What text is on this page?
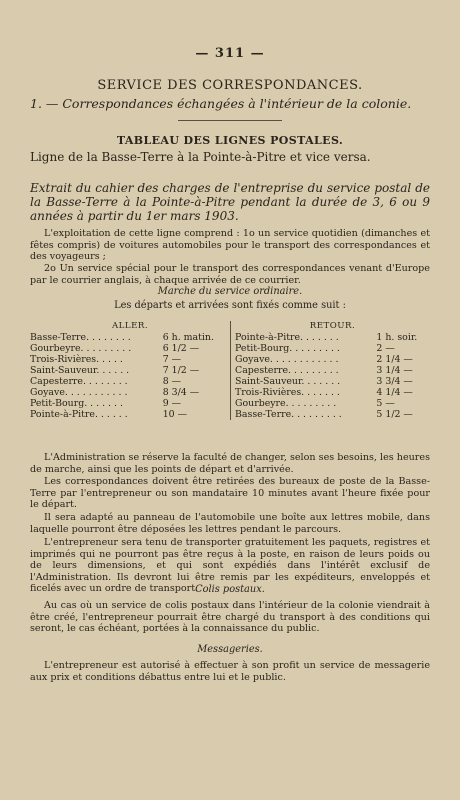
— 311 —
SERVICE DES CORRESPONDANCES.
1. — Correspondances échangées à l'intérieur de la colonie.
TABLEAU DES LIGNES POSTALES.
Ligne de la Basse-Terre à la Pointe-à-Pitre et vice versa.
Extrait du cahier des charges de l'entreprise du service postal de la Basse-Terre à la Pointe-à-Pitre pendant la durée de 3, 6 ou 9 années à partir du 1er mars 1903.
L'exploitation de cette ligne comprend : 1o un service quotidien (dimanches et fêtes compris) de voitures automobiles pour le transport des correspondances et des voyageurs ;
2o Un service spécial pour le transport des correspondances venant d'Europe par le courrier anglais, à chaque arrivée de ce courrier.
Marche du service ordinaire.
Les départs et arrivées sont fixés comme suit :
ALLER.		RETOUR.	
Basse-Terre. . . . . . . .	6 h. matin.	Pointe-à-Pitre. . . . . . .	1 h. soir.
Gourbeyre. . . . . . . . .	6 1/2 —	Petit-Bourg. . . . . . . . .	2 —
Trois-Rivières. . . . .	7 —	Goyave. . . . . . . . . . . .	2 1/4 —
Saint-Sauveur. . . . . .	7 1/2 —	Capesterre. . . . . . . . .	3 1/4 —
Capesterre. . . . . . . .	8 —	Saint-Sauveur. . . . . . .	3 3/4 —
Goyave. . . . . . . . . . .	8 3/4 —	Trois-Rivières. . . . . . .	4 1/4 —
Petit-Bourg. . . . . . .	9 —	Gourbeyre. . . . . . . . .	5 —
Pointe-à-Pitre. . . . . .	10 —	Basse-Terre. . . . . . . . .	5 1/2 —
L'Administration se réserve la faculté de changer, selon ses besoins, les heures de marche, ainsi que les points de départ et d'arrivée.
Les correspondances doivent être retirées des bureaux de poste de la Basse-Terre par l'entrepreneur ou son mandataire 10 minutes avant l'heure fixée pour le départ.
Il sera adapté au panneau de l'automobile une boîte aux lettres mobile, dans laquelle pourront être déposées les lettres pendant le parcours.
L'entrepreneur sera tenu de transporter gratuitement les paquets, registres et imprimés qui ne pourront pas être reçus à la poste, en raison de leurs poids ou de leurs dimensions, et qui sont expédiés dans l'intérêt exclusif de l'Administration. Ils devront lui être remis par les expéditeurs, enveloppés et ficelés avec un ordre de transport.
Colis postaux.
Au cas où un service de colis postaux dans l'intérieur de la colonie viendrait à être créé, l'entrepreneur pourrait être chargé du transport à des conditions qui seront, le cas échéant, portées à la connaissance du public.
Messageries.
L'entrepreneur est autorisé à effectuer à son profit un service de messagerie aux prix et conditions débattus entre lui et le public.
